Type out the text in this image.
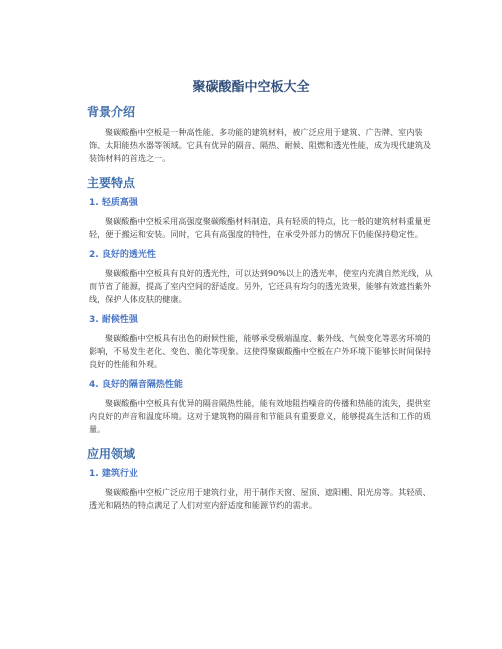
聚碳酸酯中空板大全
背景介绍

聚碳酸酯中空板是一种高性能、多功能的建筑材料，被广泛应用于建筑、广告牌、室内装饰、太阳能热水器等领域。它具有优异的隔音、隔热、耐候、阻燃和透光性能，成为现代建筑及装饰材料的首选之一。

主要特点
1. 轻质高强

聚碳酸酯中空板采用高强度聚碳酸酯材料制造，具有轻质的特点，比一般的建筑材料重量更轻，便于搬运和安装。同时，它具有高强度的特性，在承受外部力的情况下仍能保持稳定性。

2. 良好的透光性

聚碳酸酯中空板具有良好的透光性，可以达到90%以上的透光率，使室内充满自然光线，从而节省了能源，提高了室内空间的舒适度。另外，它还具有均匀的透光效果，能够有效遮挡紫外线，保护人体皮肤的健康。

3. 耐候性强

聚碳酸酯中空板具有出色的耐候性能，能够承受极端温度、紫外线、气候变化等恶劣环境的影响，不易发生老化、变色、脆化等现象。这使得聚碳酸酯中空板在户外环境下能够长时间保持良好的性能和外观。

4. 良好的隔音隔热性能

聚碳酸酯中空板具有优异的隔音隔热性能，能有效地阻挡噪音的传播和热能的流失，提供室内良好的声音和温度环境。这对于建筑物的隔音和节能具有重要意义，能够提高生活和工作的质量。

应用领域
1. 建筑行业

聚碳酸酯中空板广泛应用于建筑行业，用于制作天窗、屋顶、遮阳棚、阳光房等。其轻质、透光和隔热的特点满足了人们对室内舒适度和能源节约的需求。
